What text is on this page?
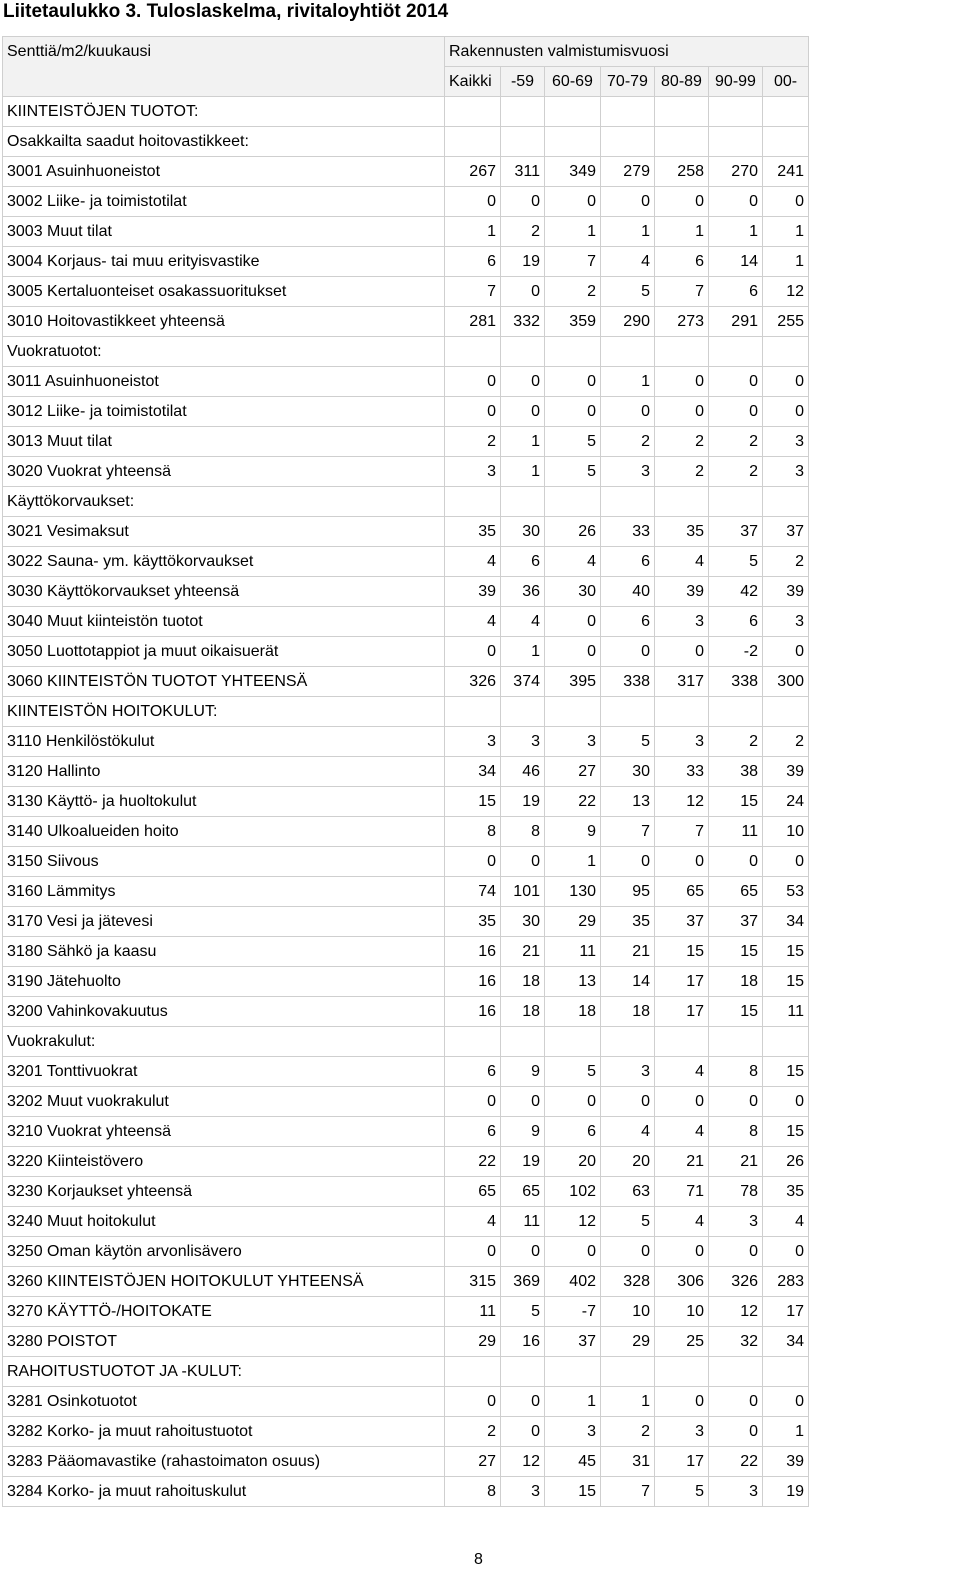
Liitetaulukko 3. Tuloslaskelma, rivitaloyhtiöt 2014
Senttiä/m2/kuukausi	Rakennusten valmistumisvuosi						
	Kaikki	-59	60-69	70-79	80-89	90-99	00-
KIINTEISTÖJEN TUOTOT:							
Osakkailta saadut hoitovastikkeet:							
3001 Asuinhuoneistot	267	311	349	279	258	270	241
3002 Liike- ja toimistotilat	0	0	0	0	0	0	0
3003 Muut tilat	1	2	1	1	1	1	1
3004 Korjaus- tai muu erityisvastike	6	19	7	4	6	14	1
3005 Kertaluonteiset osakassuoritukset	7	0	2	5	7	6	12
3010 Hoitovastikkeet yhteensä	281	332	359	290	273	291	255
Vuokratuotot:							
3011 Asuinhuoneistot	0	0	0	1	0	0	0
3012 Liike- ja toimistotilat	0	0	0	0	0	0	0
3013 Muut tilat	2	1	5	2	2	2	3
3020 Vuokrat yhteensä	3	1	5	3	2	2	3
Käyttökorvaukset:							
3021 Vesimaksut	35	30	26	33	35	37	37
3022 Sauna- ym. käyttökorvaukset	4	6	4	6	4	5	2
3030 Käyttökorvaukset yhteensä	39	36	30	40	39	42	39
3040 Muut kiinteistön tuotot	4	4	0	6	3	6	3
3050 Luottotappiot ja muut oikaisuerät	0	1	0	0	0	-2	0
3060 KIINTEISTÖN TUOTOT YHTEENSÄ	326	374	395	338	317	338	300
KIINTEISTÖN HOITOKULUT:							
3110 Henkilöstökulut	3	3	3	5	3	2	2
3120 Hallinto	34	46	27	30	33	38	39
3130 Käyttö- ja huoltokulut	15	19	22	13	12	15	24
3140 Ulkoalueiden hoito	8	8	9	7	7	11	10
3150 Siivous	0	0	1	0	0	0	0
3160 Lämmitys	74	101	130	95	65	65	53
3170 Vesi ja jätevesi	35	30	29	35	37	37	34
3180 Sähkö ja kaasu	16	21	11	21	15	15	15
3190 Jätehuolto	16	18	13	14	17	18	15
3200 Vahinkovakuutus	16	18	18	18	17	15	11
Vuokrakulut:							
3201 Tonttivuokrat	6	9	5	3	4	8	15
3202 Muut vuokrakulut	0	0	0	0	0	0	0
3210 Vuokrat yhteensä	6	9	6	4	4	8	15
3220 Kiinteistövero	22	19	20	20	21	21	26
3230 Korjaukset yhteensä	65	65	102	63	71	78	35
3240 Muut hoitokulut	4	11	12	5	4	3	4
3250 Oman käytön arvonlisävero	0	0	0	0	0	0	0
3260 KIINTEISTÖJEN HOITOKULUT YHTEENSÄ	315	369	402	328	306	326	283
3270 KÄYTTÖ-/HOITOKATE	11	5	-7	10	10	12	17
3280 POISTOT	29	16	37	29	25	32	34
RAHOITUSTUOTOT JA -KULUT:							
3281 Osinkotuotot	0	0	1	1	0	0	0
3282 Korko- ja muut rahoitustuotot	2	0	3	2	3	0	1
3283 Pääomavastike (rahastoimaton osuus)	27	12	45	31	17	22	39
3284 Korko- ja muut rahoituskulut	8	3	15	7	5	3	19
8
